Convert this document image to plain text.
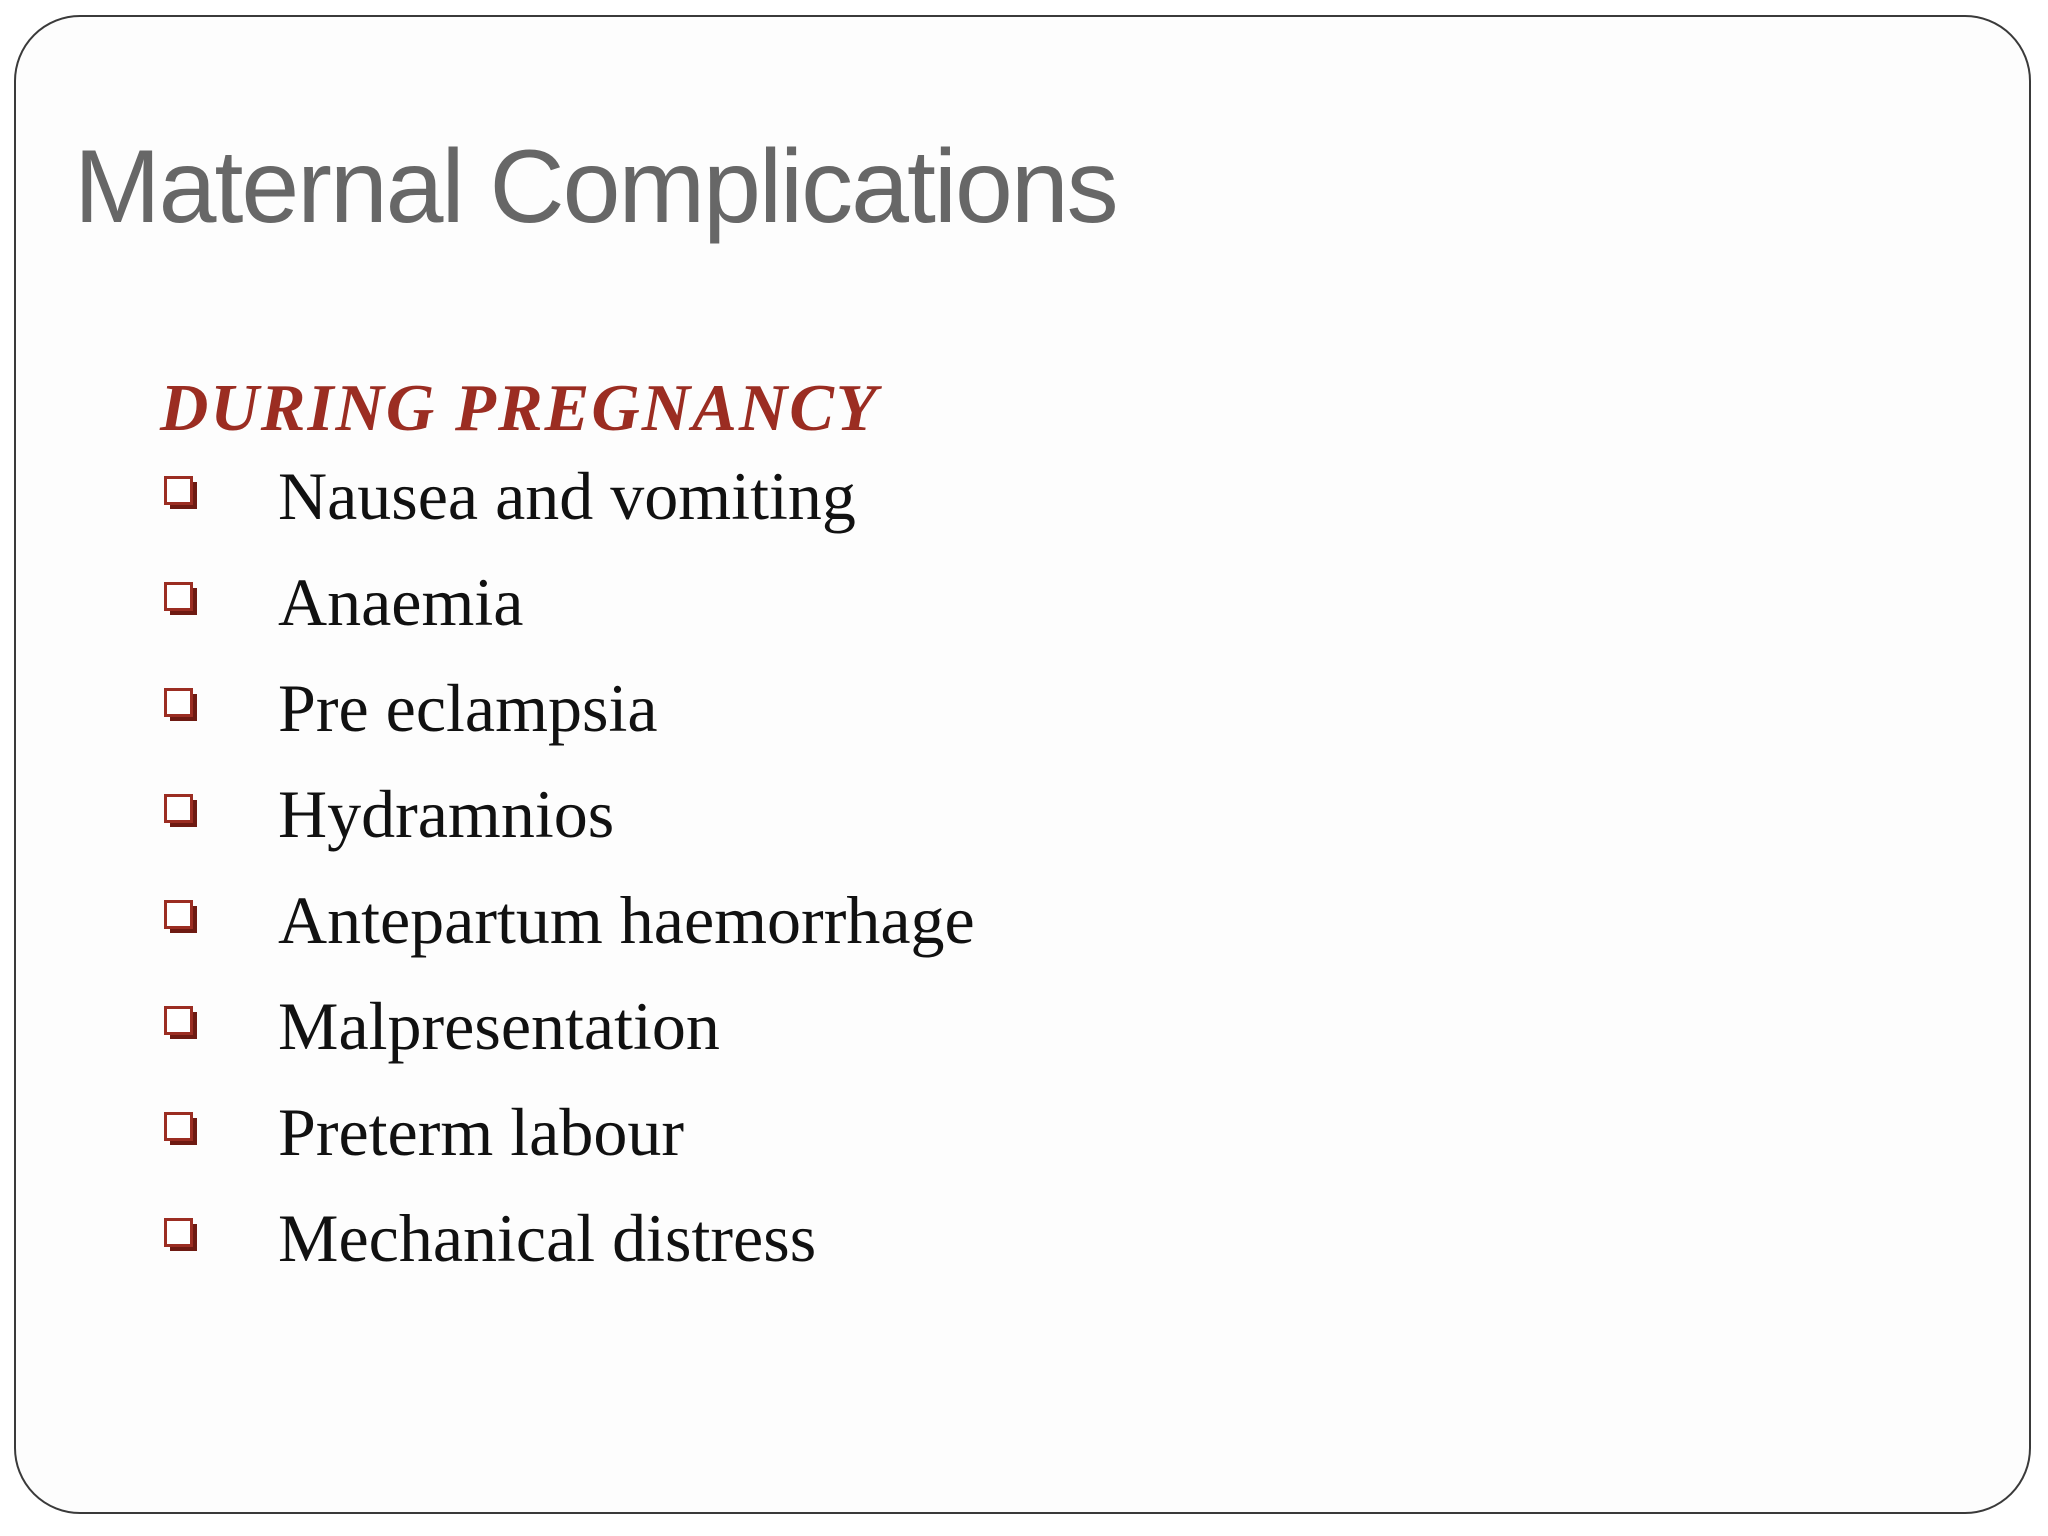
Maternal Complications
DURING PREGNANCY
Nausea and vomiting
Anaemia
Pre eclampsia
Hydramnios
Antepartum haemorrhage
Malpresentation
Preterm labour
Mechanical distress
